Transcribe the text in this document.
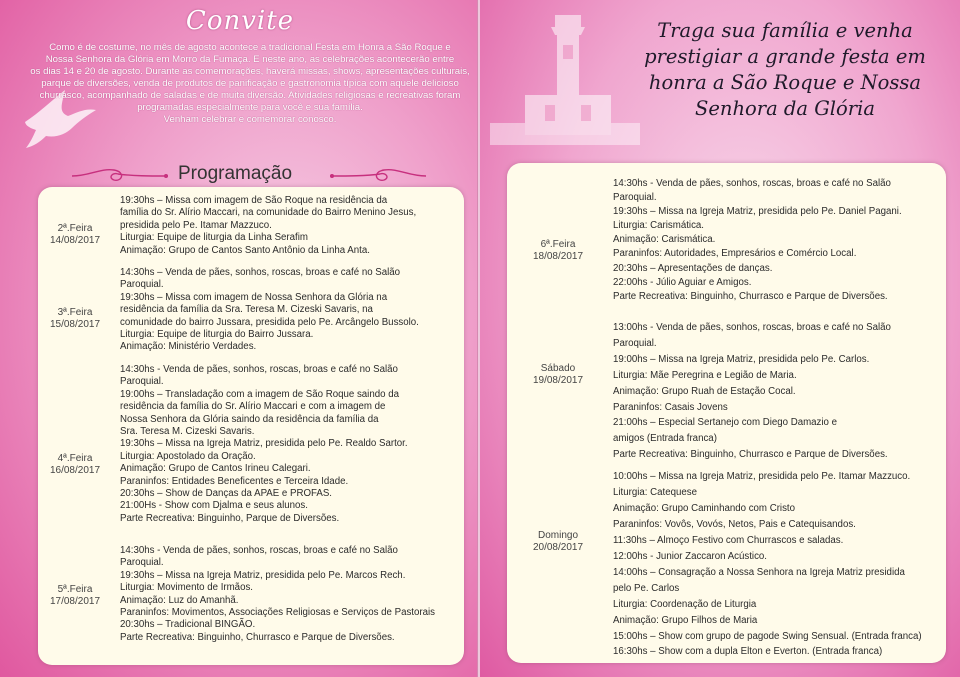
Convite
Como é de costume, no mês de agosto acontece a tradicional Festa em Honra a São Roque e
Nossa Senhora da Glória em Morro da Fumaça. E neste ano, as celebrações acontecerão entre
os dias 14 e 20 de agosto. Durante as comemorações, haverá missas, shows, apresentações culturais,
parque de diversões, venda de produtos de panificação e gastronomia típica com aquele delicioso
churrasco, acompanhado de saladas e de muita diversão. Atividades religiosas e recreativas foram
programadas especialmente para você e sua família.
Venham celebrar e comemorar conosco.
Programação
2ª.Feira
14/08/2017
19:30hs – Missa com imagem de São Roque na residência da
família do Sr. Alírio Maccari, na comunidade do Bairro Menino Jesus,
presidida pelo Pe. Itamar Mazzuco.
Liturgia: Equipe de liturgia da Linha Serafim
Animação: Grupo de Cantos Santo Antônio da Linha Anta.
3ª.Feira
15/08/2017
14:30hs – Venda de pães, sonhos, roscas, broas e café no Salão
Paroquial.
19:30hs – Missa com imagem de Nossa Senhora da Glória na
residência da família da Sra. Teresa M. Cizeski Savaris, na
comunidade do bairro Jussara, presidida pelo Pe. Arcângelo Bussolo.
Liturgia: Equipe de liturgia do Bairro Jussara.
Animação: Ministério Verdades.
4ª.Feira
16/08/2017
14:30hs - Venda de pães, sonhos, roscas, broas e café no Salão
Paroquial.
19:00hs – Transladação com a imagem de São Roque saindo da
residência da família do Sr. Alírio Maccari e com a imagem de
Nossa Senhora da Glória saindo da residência da família da
Sra. Teresa M. Cizeski Savaris.
19:30hs – Missa na Igreja Matriz, presidida pelo Pe. Realdo Sartor.
Liturgia: Apostolado da Oração.
Animação: Grupo de Cantos Irineu Calegari.
Paraninfos: Entidades Beneficentes e Terceira Idade.
20:30hs – Show de Danças da APAE e PROFAS.
21:00Hs - Show com Djalma e seus alunos.
Parte Recreativa: Binguinho, Parque de Diversões.
5ª.Feira
17/08/2017
14:30hs - Venda de pães, sonhos, roscas, broas e café no Salão
Paroquial.
19:30hs – Missa na Igreja Matriz, presidida pelo Pe. Marcos Rech.
Liturgia: Movimento de Irmãos.
Animação: Luz do Amanhã.
Paraninfos: Movimentos, Associações Religiosas e Serviços de Pastorais
20:30hs – Tradicional BINGÃO.
Parte Recreativa: Binguinho, Churrasco e Parque de Diversões.
Traga sua família e venha
prestigiar a grande festa em
honra a São Roque e Nossa
Senhora da Glória
6ª.Feira
18/08/2017
14:30hs - Venda de pães, sonhos, roscas, broas e café no Salão
Paroquial.
19:30hs – Missa na Igreja Matriz, presidida pelo Pe. Daniel Pagani.
Liturgia: Carismática.
Animação: Carismática.
Paraninfos: Autoridades, Empresários e Comércio Local.
20:30hs – Apresentações de danças.
22:00hs - Júlio Aguiar e Amigos.
Parte Recreativa: Binguinho, Churrasco e Parque de Diversões.
Sábado
19/08/2017
13:00hs - Venda de pães, sonhos, roscas, broas e café no Salão
Paroquial.
19:00hs – Missa na Igreja Matriz, presidida pelo Pe. Carlos.
Liturgia: Mãe Peregrina e Legião de Maria.
Animação: Grupo Ruah de Estação Cocal.
Paraninfos: Casais Jovens
21:00hs – Especial Sertanejo com Diego Damazio e
amigos (Entrada franca)
Parte Recreativa: Binguinho, Churrasco e Parque de Diversões.
Domingo
20/08/2017
10:00hs – Missa na Igreja Matriz, presidida pelo Pe. Itamar Mazzuco.
Liturgia: Catequese
Animação: Grupo Caminhando com Cristo
Paraninfos: Vovôs, Vovós, Netos, Pais e Catequisandos.
11:30hs – Almoço Festivo com Churrascos e saladas.
12:00hs - Junior Zaccaron Acústico.
14:00hs – Consagração a Nossa Senhora na Igreja Matriz presidida
pelo Pe. Carlos
Liturgia: Coordenação de Liturgia
Animação: Grupo Filhos de Maria
15:00hs – Show com grupo de pagode Swing Sensual. (Entrada franca)
16:30hs – Show com a dupla Elton e Everton. (Entrada franca)
